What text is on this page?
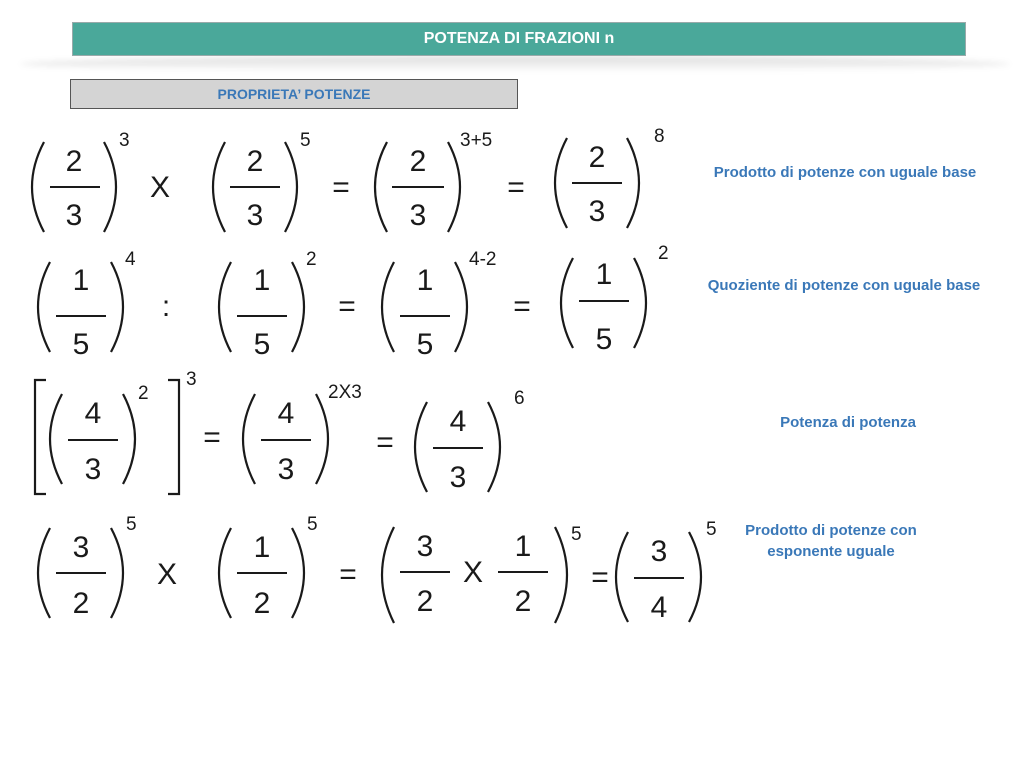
POTENZA DI FRAZIONI n
PROPRIETA’ POTENZE
2
3
3
X
2
3
5
=
2
3
3+5
=
2
3
8
1
5
4
:
1
5
2
=
1
5
4-2
=
1
5
2
4
3
2
3
=
4
3
2X3
=
4
3
6
3
2
5
X
1
2
5
=
3
2
X
1
2
5
=
3
4
5
Prodotto di potenze con uguale base
Quoziente di potenze con uguale base
Potenza di potenza
Prodotto di potenze con
esponente uguale
